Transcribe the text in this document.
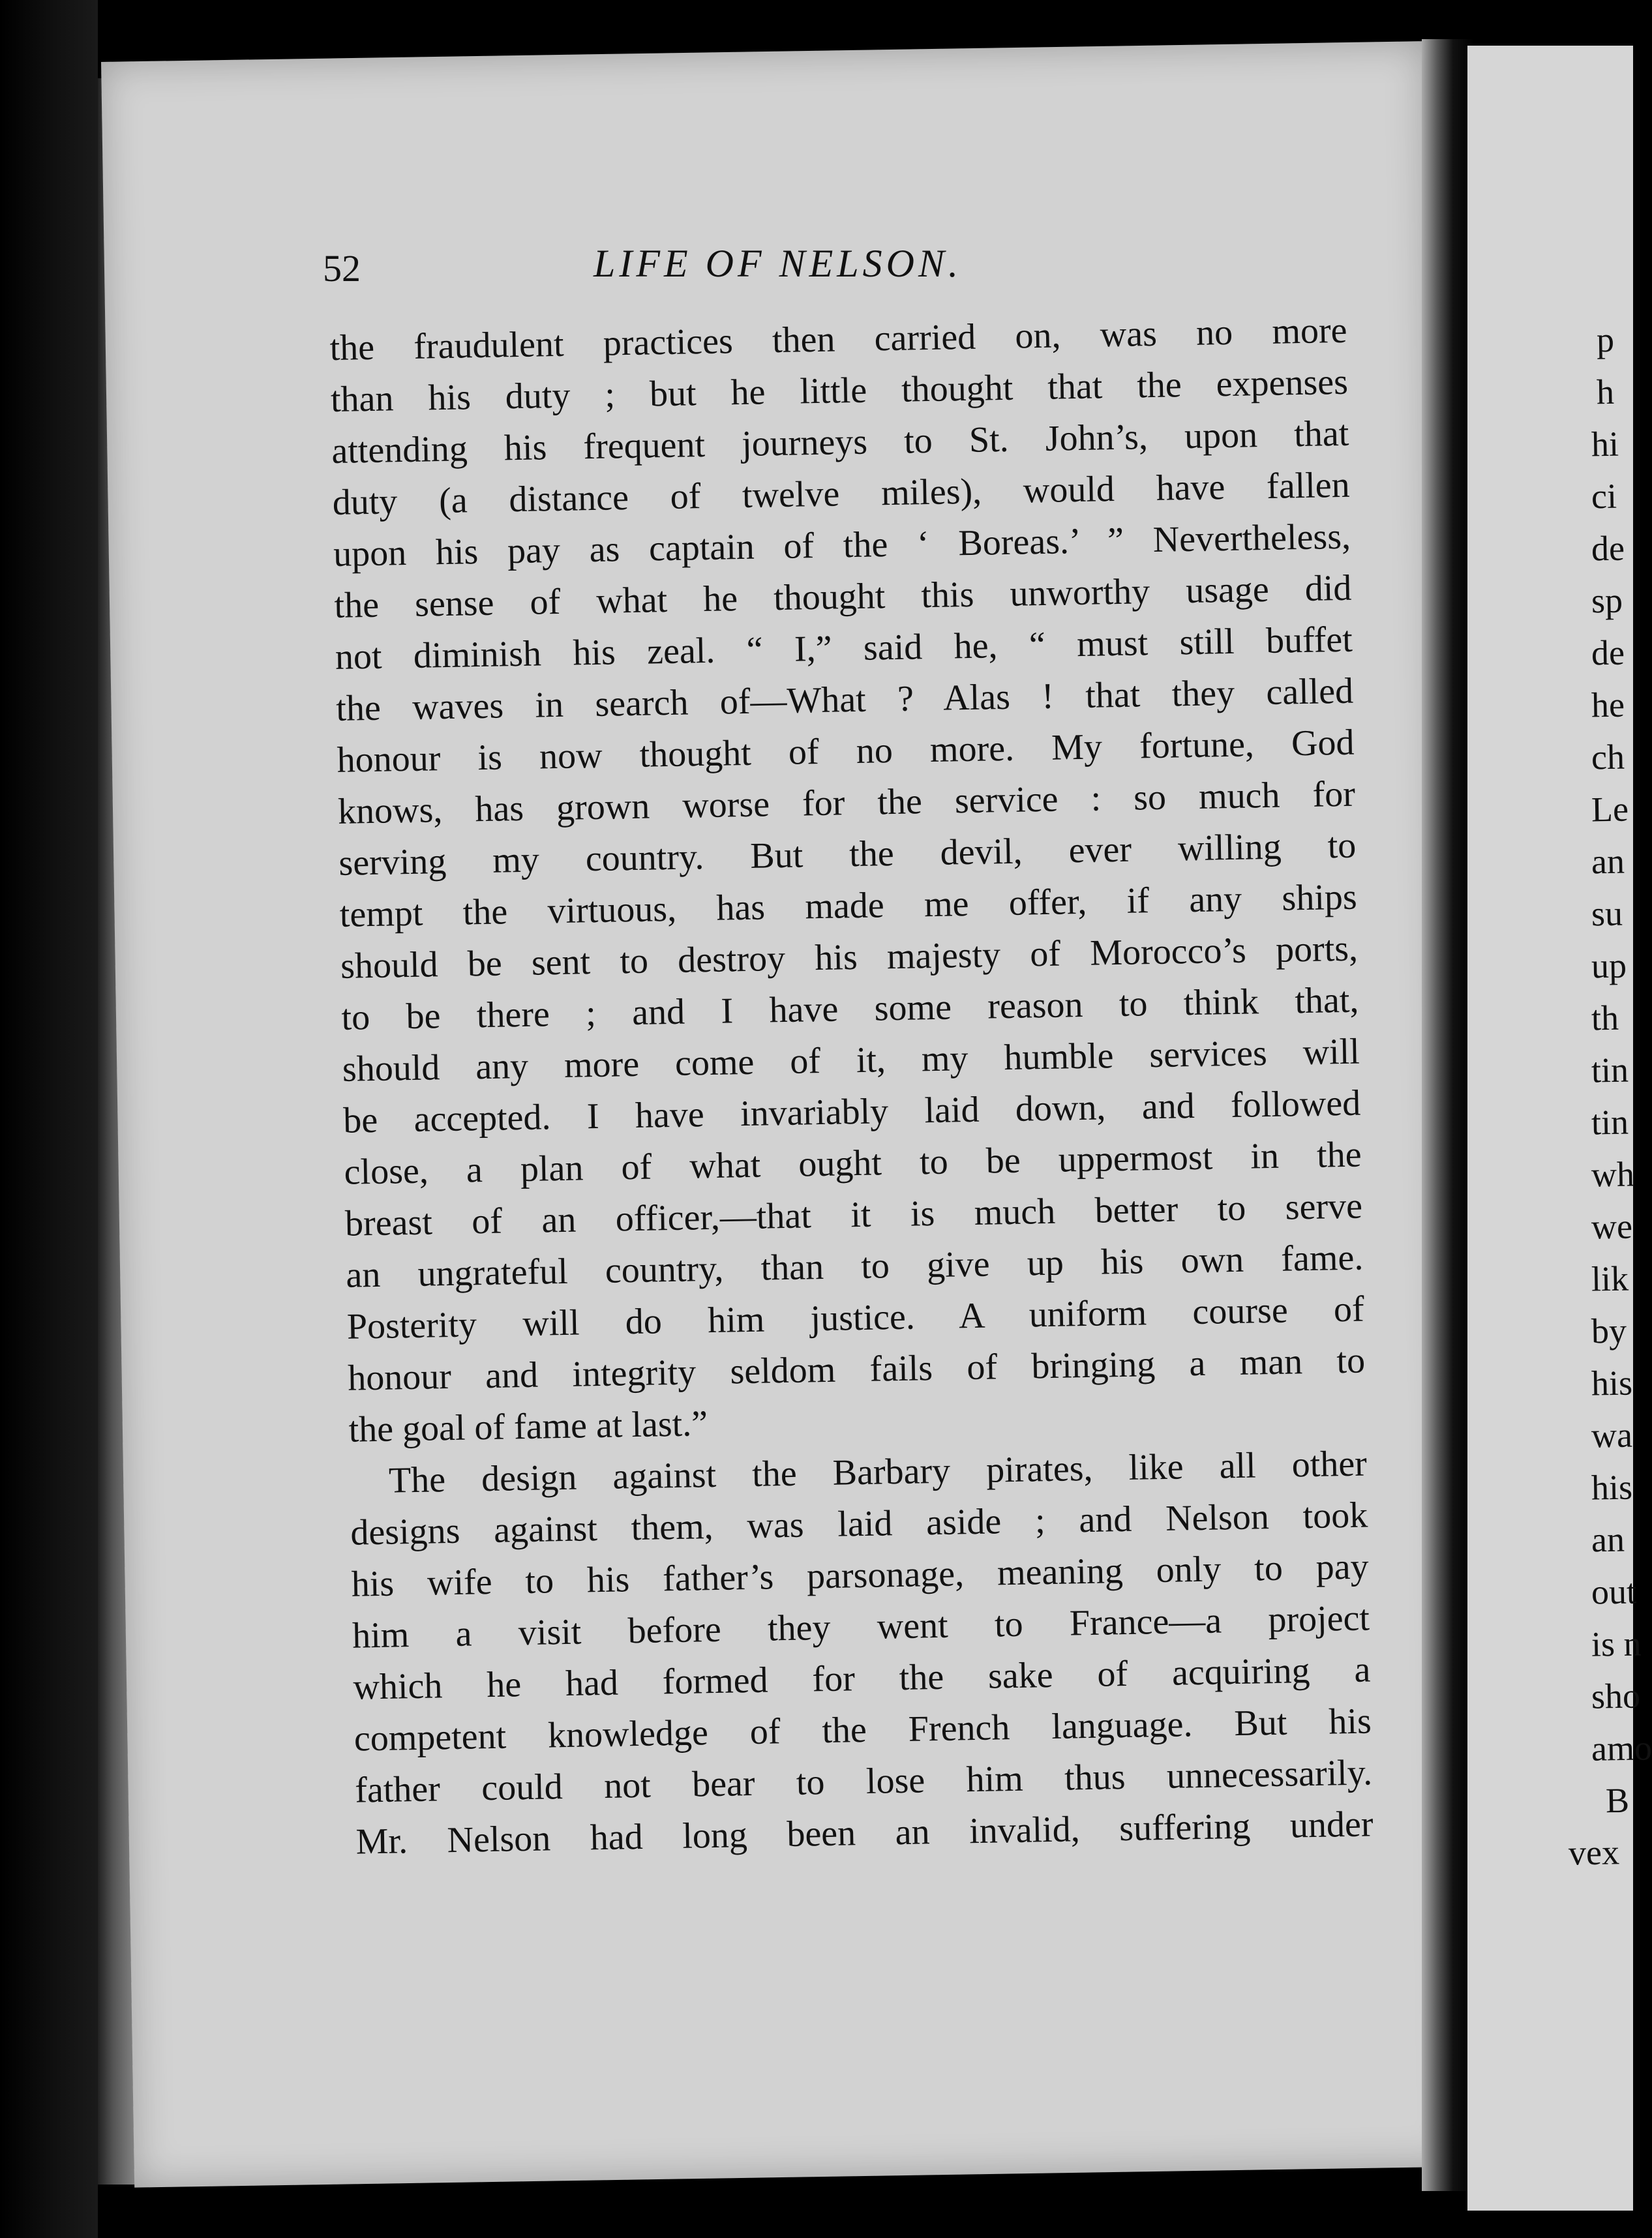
52	LIFE OF NELSON.
the fraudulent practices then carried on, was no more
than his duty ; but he little thought that the expenses
attending his frequent journeys to St. John’s, upon that
duty (a distance of twelve miles), would have fallen
upon his pay as captain of the ‘ Boreas.’ ” Nevertheless,
the sense of what he thought this unworthy usage did
not diminish his zeal. “ I,” said he, “ must still buffet
the waves in search of—What ? Alas ! that they called
honour is now thought of no more. My fortune, God
knows, has grown worse for the service : so much for
serving my country. But the devil, ever willing to
tempt the virtuous, has made me offer, if any ships
should be sent to destroy his majesty of Morocco’s ports,
to be there ; and I have some reason to think that,
should any more come of it, my humble services will
be accepted. I have invariably laid down, and followed
close, a plan of what ought to be uppermost in the
breast of an officer,—that it is much better to serve
an ungrateful country, than to give up his own fame.
Posterity will do him justice. A uniform course of
honour and integrity seldom fails of bringing a man to
the goal of fame at last.”
The design against the Barbary pirates, like all other
designs against them, was laid aside ; and Nelson took
his wife to his father’s parsonage, meaning only to pay
him a visit before they went to France—a project
which he had formed for the sake of acquiring a
competent knowledge of the French language. But his
father could not bear to lose him thus unnecessarily.
Mr. Nelson had long been an invalid, suffering under
p
h
hi
ci
de
sp
de
he
ch
Le
an
su
up
th
tin
tin
wh
we
lik
by
his
wa
his
an
out
is n
sho
amo
B
vex
